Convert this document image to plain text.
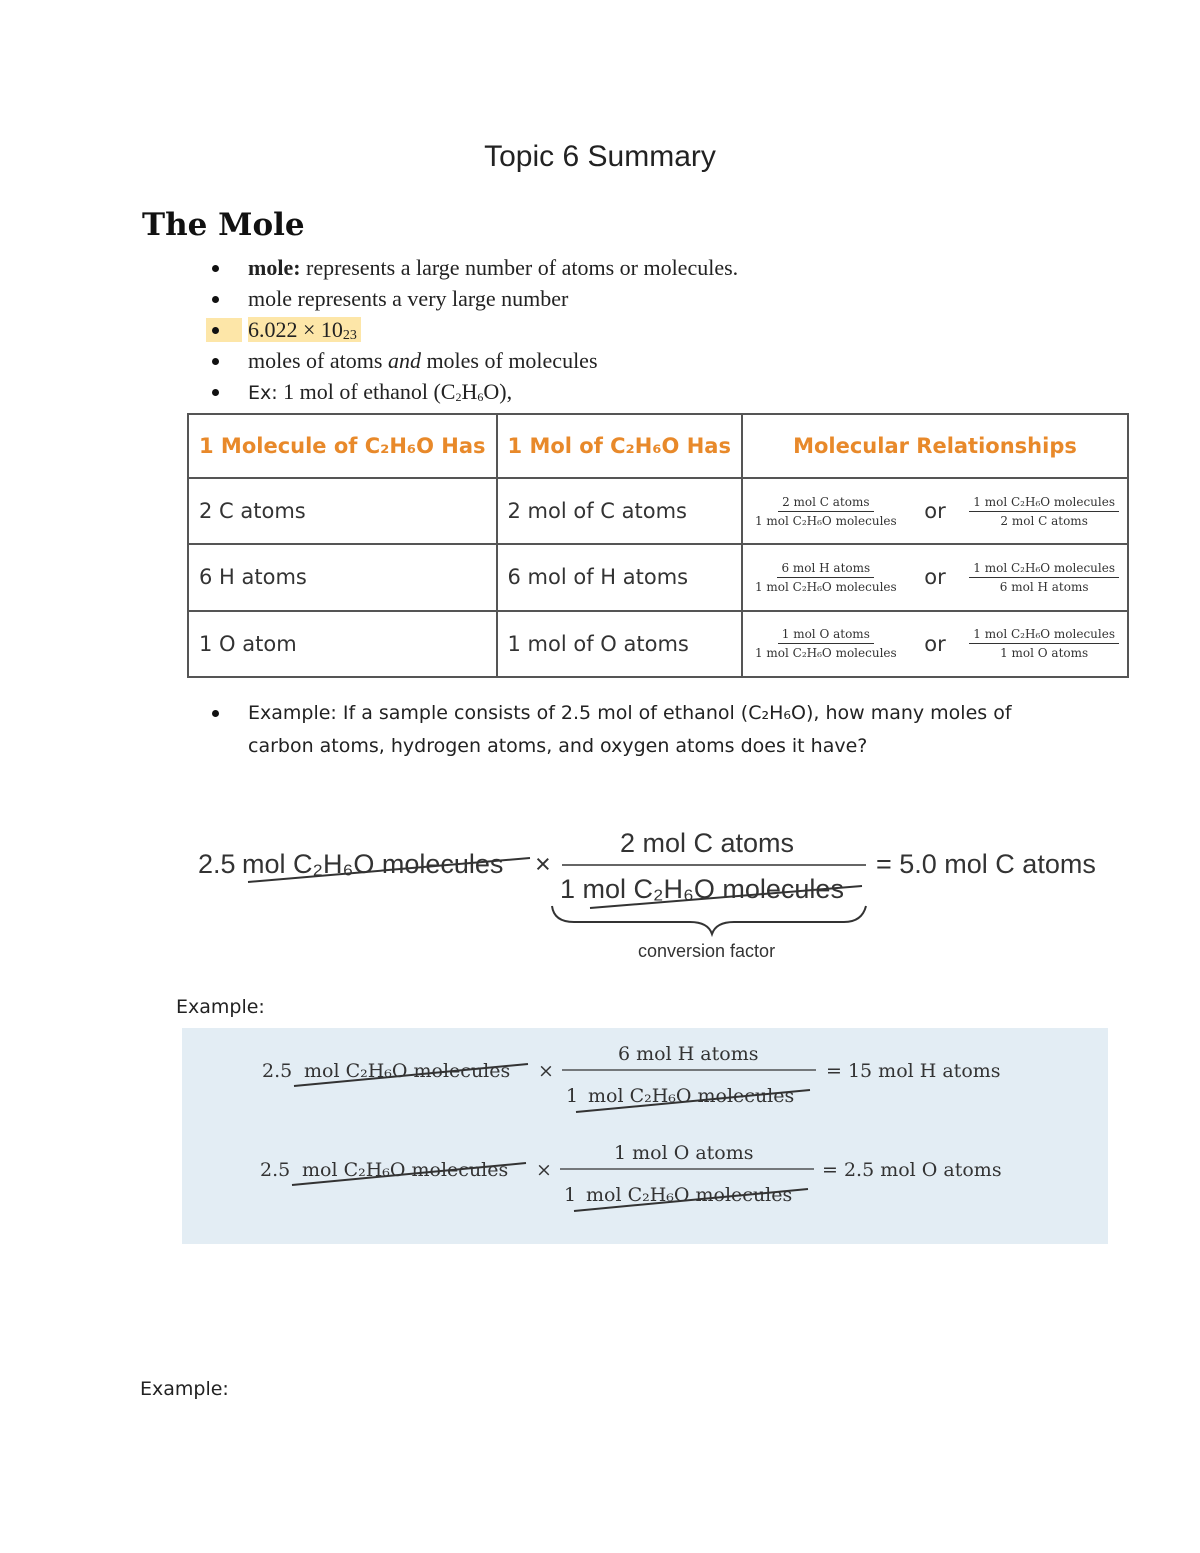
Topic 6 Summary
The Mole
mole: represents a large number of atoms or molecules.
mole represents a very large number
6.022 × 1023
moles of atoms and moles of molecules
Ex: 1 mol of ethanol (C2H6O),
1 Molecule of C₂H₆O Has	1 Mol of C₂H₆O Has	Molecular Relationships
2 C atoms	2 mol of C atoms	$\frac{\text{2 mol C atoms}}{\text{1 mol C₂H₆O molecules}}$ or $\frac{\text{1 mol C₂H₆O molecules}}{\text{2 mol C atoms}}$

6 H atoms	6 mol of H atoms	$\frac{\text{6 mol H atoms}}{\text{1 mol C₂H₆O molecules}}$ or $\frac{\text{1 mol C₂H₆O molecules}}{\text{6 mol H atoms}}$

1 O atom	1 mol of O atoms	$\frac{\text{1 mol O atoms}}{\text{1 mol C₂H₆O molecules}}$ or $\frac{\text{1 mol C₂H₆O molecules}}{\text{1 mol O atoms}}$
Example: If a sample consists of 2.5 mol of ethanol (C₂H₆O), how many moles of
carbon atoms, hydrogen atoms, and oxygen atoms does it have?
2.5 mol C₂H₆O molecules ×
2 mol C atoms
1 mol C₂H₆O molecules
= 5.0 mol C atoms
conversion factor
Example:
2.5 mol C₂H₆O molecules ×
6 mol H atoms
1 mol C₂H₆O molecules
= 15 mol H atoms
2.5 mol C₂H₆O molecules ×
1 mol O atoms
1 mol C₂H₆O molecules
= 2.5 mol O atoms
Example:
